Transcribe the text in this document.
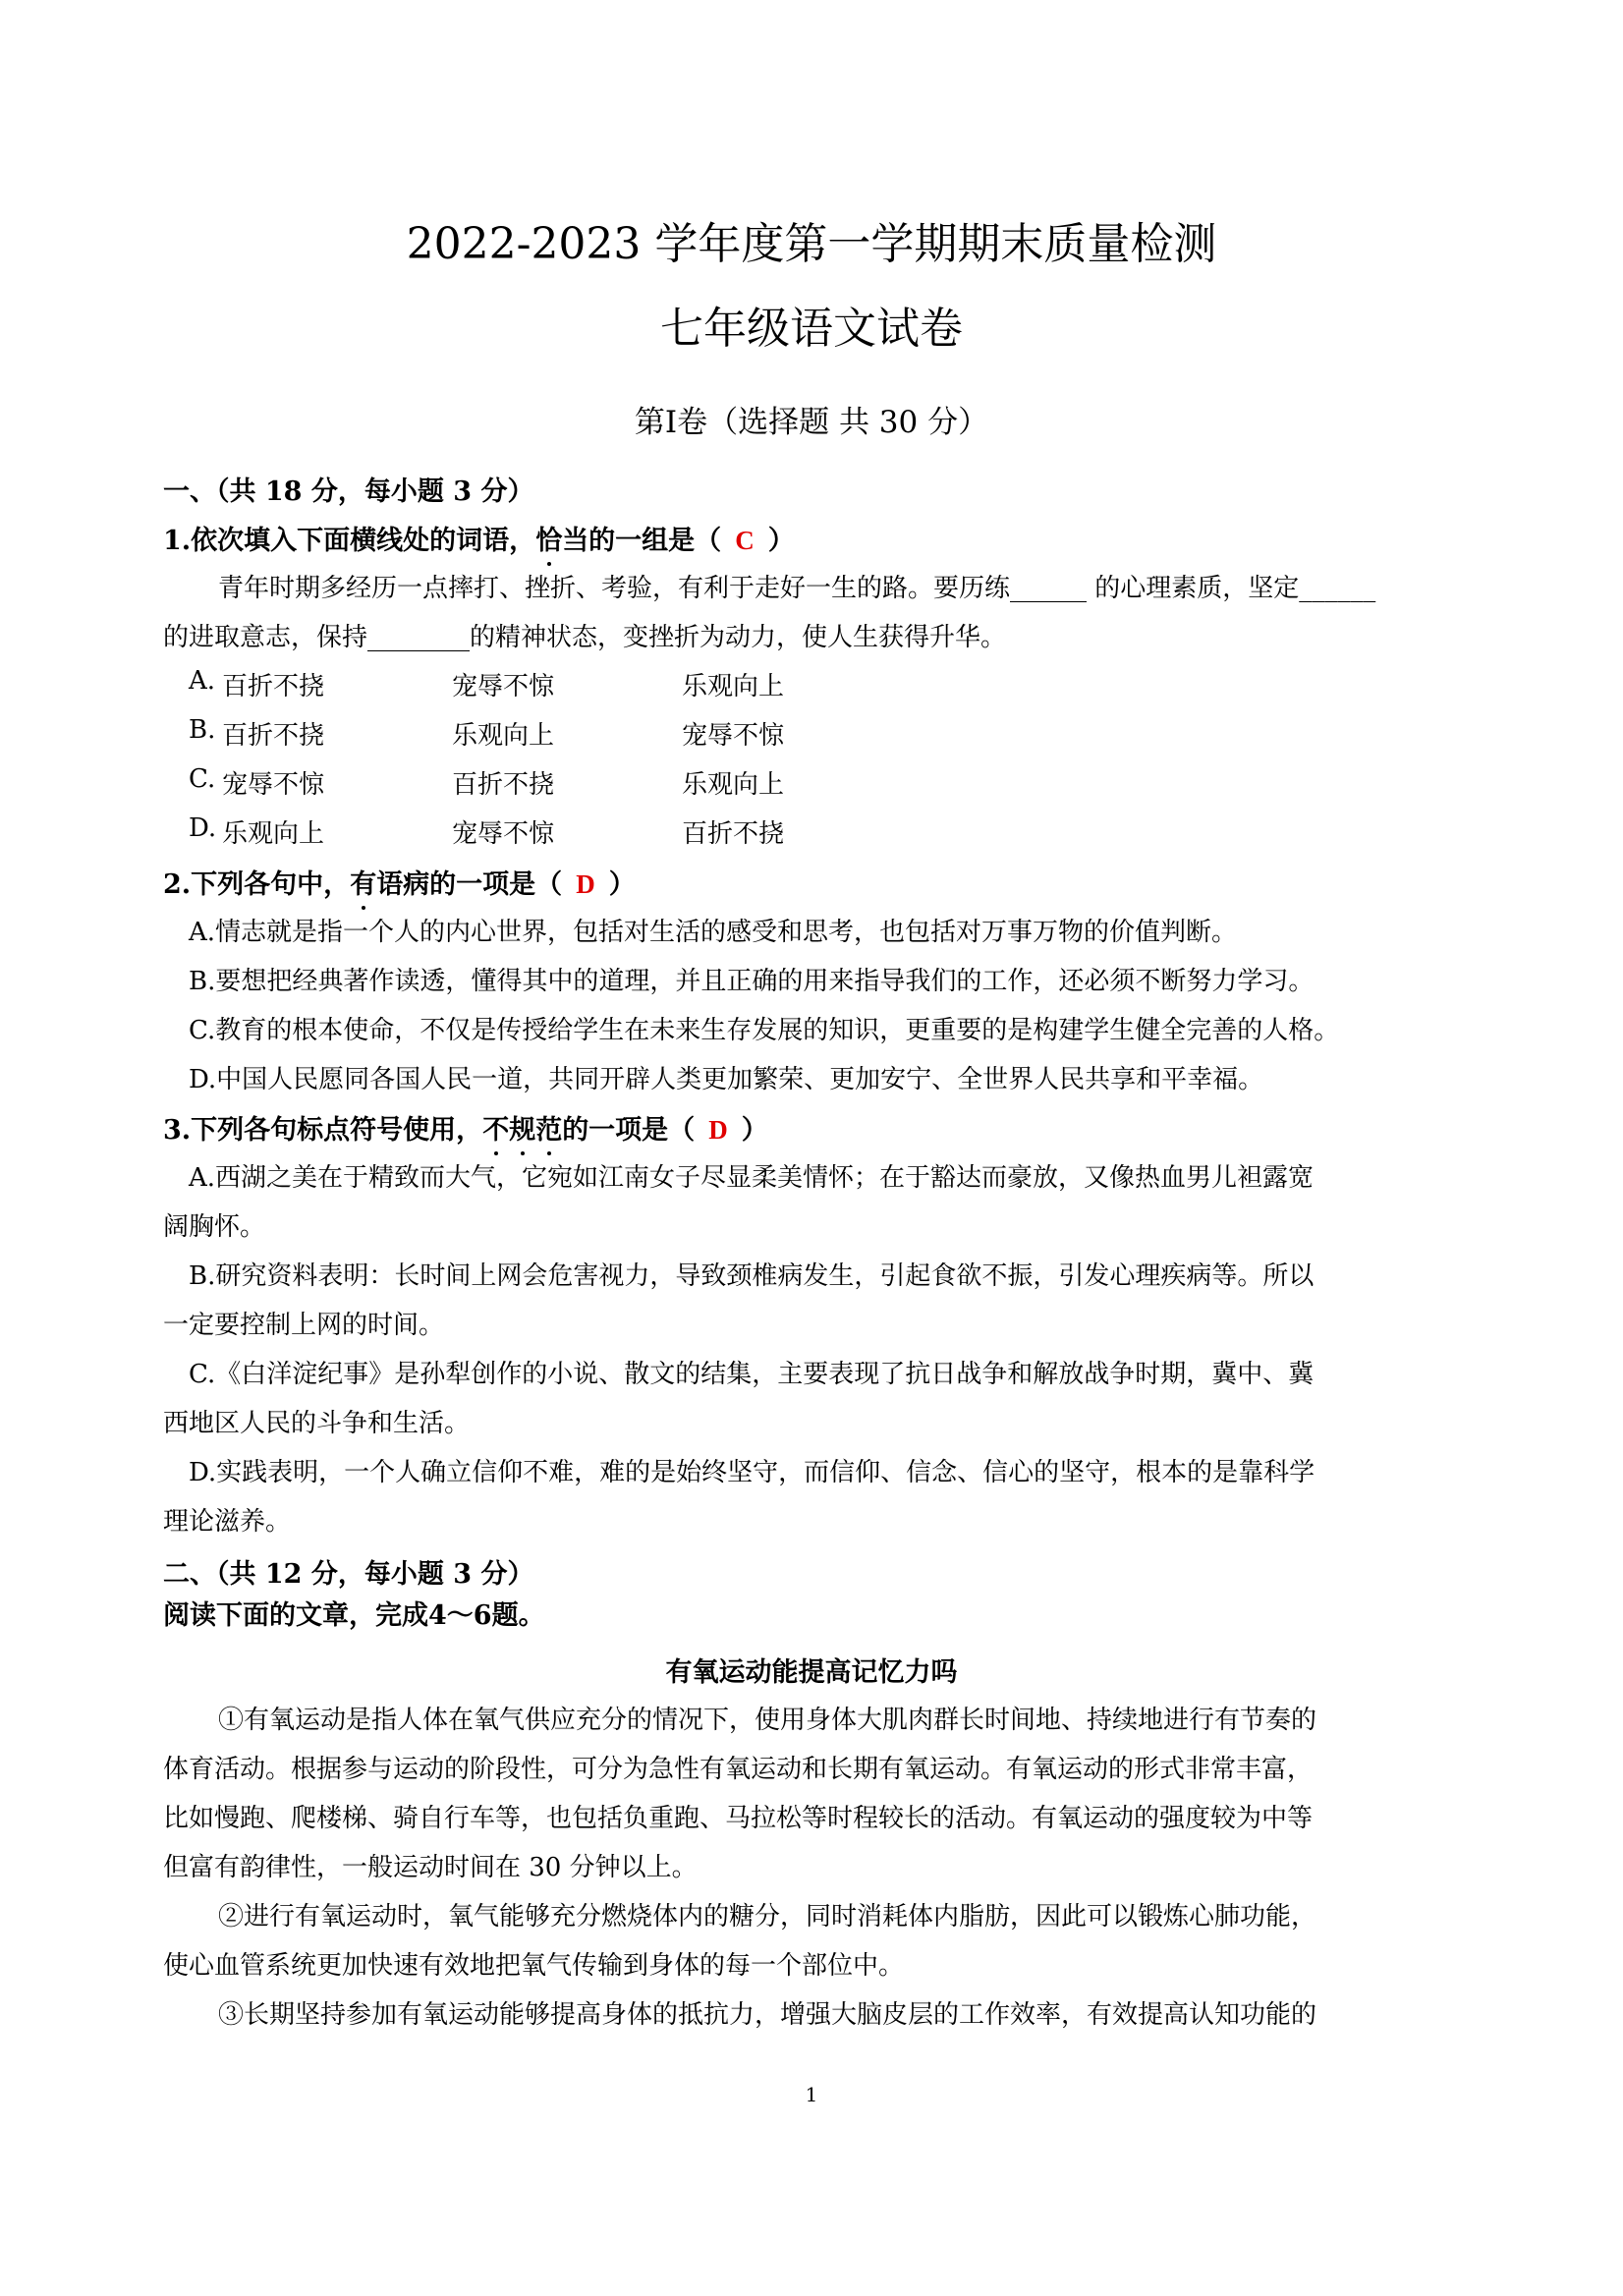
2022-2023 学年度第一学期期末质量检测
七年级语文试卷
第Ⅰ卷（选择题 共 30 分）
一、（共 18 分，每小题 3 分）
1.依次填入下面横线处的词语，恰当的一组是（ C ）
青年时期多经历一点摔打、挫折、考验，有利于走好一生的路。要历练______ 的心理素质，坚定______
的进取意志，保持________的精神状态，变挫折为动力，使人生获得升华。
A. 百折不挠	宠辱不惊	乐观向上
B. 百折不挠	乐观向上	宠辱不惊
C. 宠辱不惊	百折不挠	乐观向上
D. 乐观向上	宠辱不惊	百折不挠
2.下列各句中，有语病的一项是（ D ）
A.情志就是指一个人的内心世界，包括对生活的感受和思考，也包括对万事万物的价值判断。
B.要想把经典著作读透，懂得其中的道理，并且正确的用来指导我们的工作，还必须不断努力学习。
C.教育的根本使命，不仅是传授给学生在未来生存发展的知识，更重要的是构建学生健全完善的人格。
D.中国人民愿同各国人民一道，共同开辟人类更加繁荣、更加安宁、全世界人民共享和平幸福。
3.下列各句标点符号使用，不规范的一项是（ D ）
A.西湖之美在于精致而大气，它宛如江南女子尽显柔美情怀；在于豁达而豪放，又像热血男儿袒露宽
阔胸怀。
B.研究资料表明：长时间上网会危害视力，导致颈椎病发生，引起食欲不振，引发心理疾病等。所以
一定要控制上网的时间。
C.《白洋淀纪事》是孙犁创作的小说、散文的结集，主要表现了抗日战争和解放战争时期，冀中、冀
西地区人民的斗争和生活。
D.实践表明，一个人确立信仰不难，难的是始终坚守，而信仰、信念、信心的坚守，根本的是靠科学
理论滋养。
二、（共 12 分，每小题 3 分）
阅读下面的文章，完成4～6题。
有氧运动能提高记忆力吗
①有氧运动是指人体在氧气供应充分的情况下，使用身体大肌肉群长时间地、持续地进行有节奏的
体育活动。根据参与运动的阶段性，可分为急性有氧运动和长期有氧运动。有氧运动的形式非常丰富，
比如慢跑、爬楼梯、骑自行车等，也包括负重跑、马拉松等时程较长的活动。有氧运动的强度较为中等
但富有韵律性，一般运动时间在 30 分钟以上。
②进行有氧运动时，氧气能够充分燃烧体内的糖分，同时消耗体内脂肪，因此可以锻炼心肺功能，
使心血管系统更加快速有效地把氧气传输到身体的每一个部位中。
③长期坚持参加有氧运动能够提高身体的抵抗力，增强大脑皮层的工作效率，有效提高认知功能的
1
